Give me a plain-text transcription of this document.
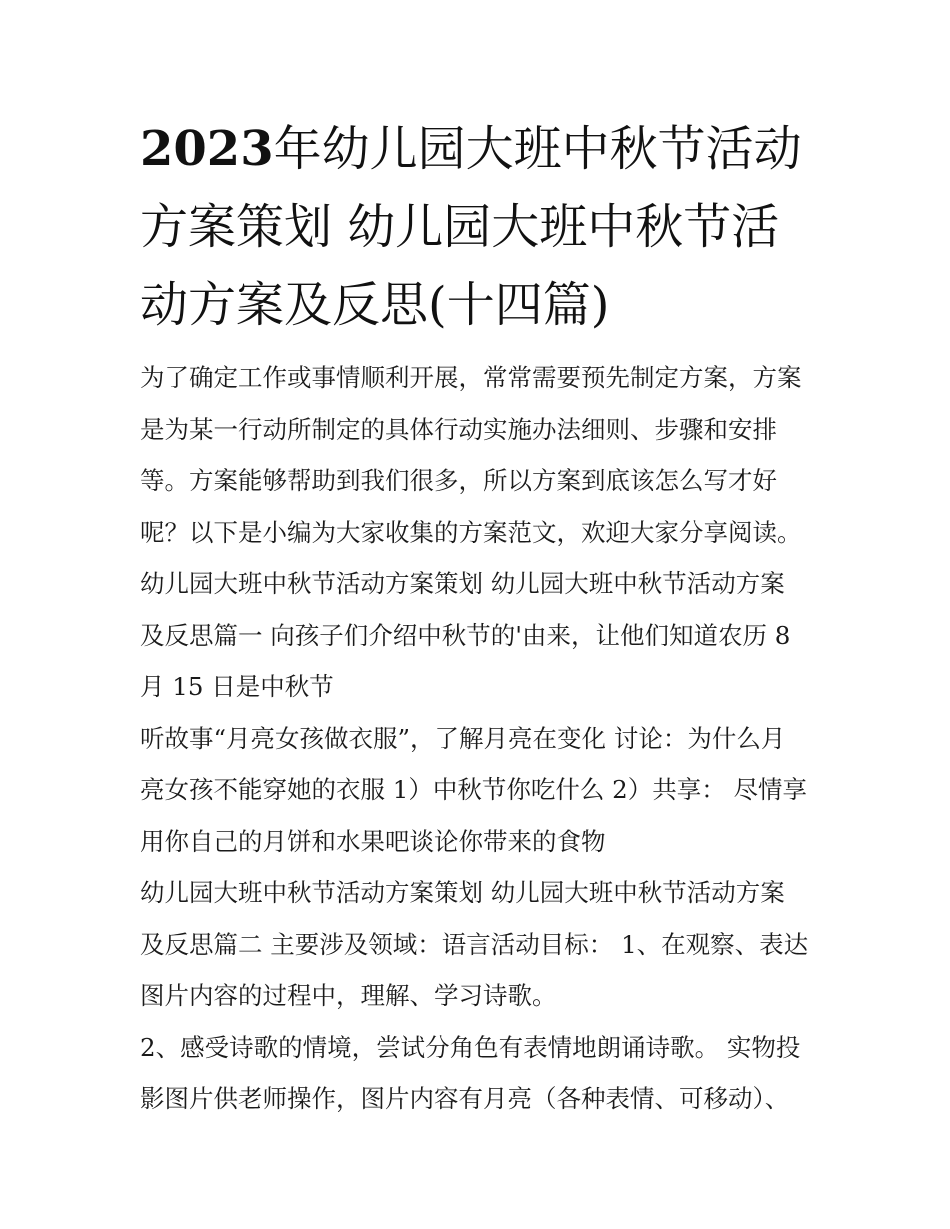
2023年幼儿园大班中秋节活动
方案策划 幼儿园大班中秋节活
动方案及反思(十四篇)
为了确定工作或事情顺利开展，常常需要预先制定方案，方案
是为某一行动所制定的具体行动实施办法细则、步骤和安排
等。方案能够帮助到我们很多，所以方案到底该怎么写才好
呢？以下是小编为大家收集的方案范文，欢迎大家分享阅读。
幼儿园大班中秋节活动方案策划 幼儿园大班中秋节活动方案
及反思篇一 向孩子们介绍中秋节的'由来，让他们知道农历 8
月 15 日是中秋节
听故事“月亮女孩做衣服”，了解月亮在变化 讨论：为什么月
亮女孩不能穿她的衣服 1）中秋节你吃什么 2）共享： 尽情享
用你自己的月饼和水果吧谈论你带来的食物
幼儿园大班中秋节活动方案策划 幼儿园大班中秋节活动方案
及反思篇二 主要涉及领域：语言活动目标： 1、在观察、表达
图片内容的过程中，理解、学习诗歌。
2、感受诗歌的情境，尝试分角色有表情地朗诵诗歌。 实物投
影图片供老师操作，图片内容有月亮（各种表情、可移动）、
